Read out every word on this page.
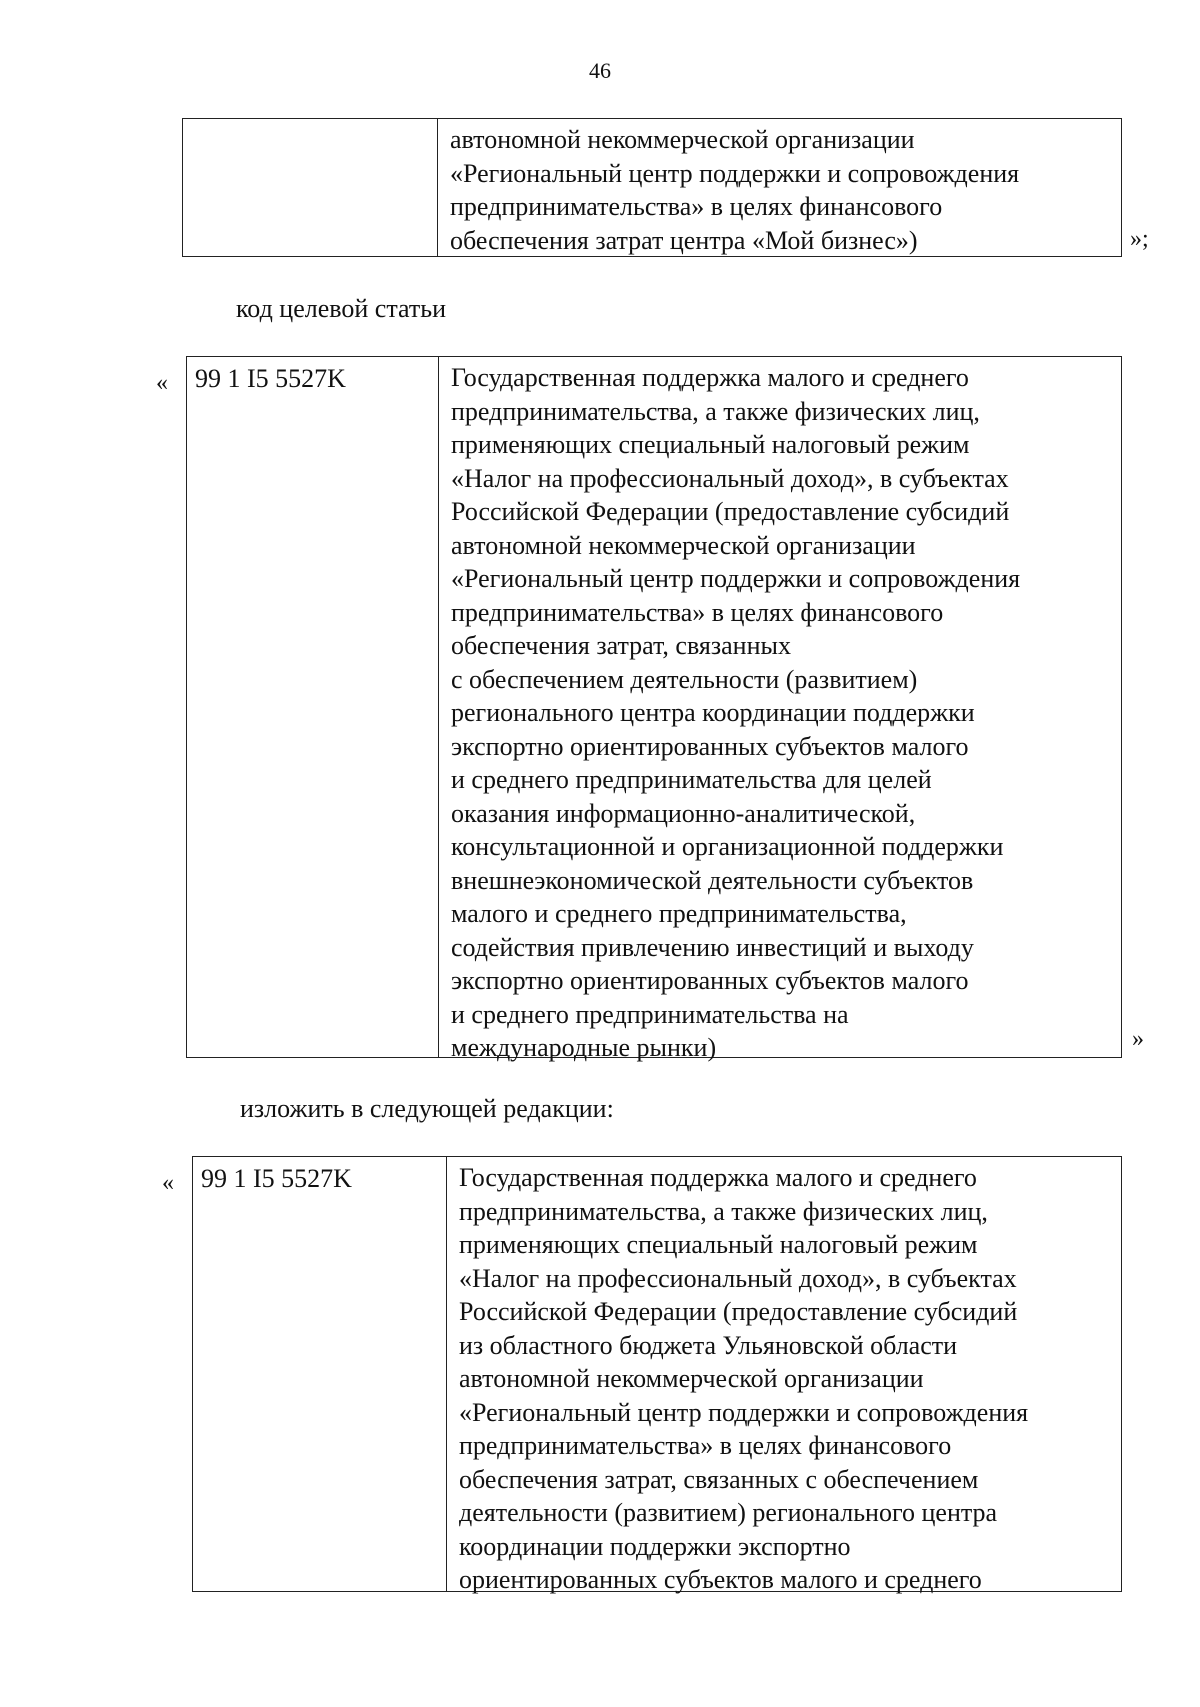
46
автономной некоммерческой организации
«Региональный центр поддержки и сопровождения
предпринимательства» в целях финансового
обеспечения затрат центра «Мой бизнес»)	»;
код целевой статьи
«	99 1 I5 5527K	Государственная поддержка малого и среднего
предпринимательства, а также физических лиц,
применяющих специальный налоговый режим
«Налог на профессиональный доход», в субъектах
Российской Федерации (предоставление субсидий
автономной некоммерческой организации
«Региональный центр поддержки и сопровождения
предпринимательства» в целях финансового
обеспечения затрат, связанных
с обеспечением деятельности (развитием)
регионального центра координации поддержки
экспортно ориентированных субъектов малого
и среднего предпринимательства для целей
оказания информационно-аналитической,
консультационной и организационной поддержки
внешнеэкономической деятельности субъектов
малого и среднего предпринимательства,
содействия привлечению инвестиций и выходу
экспортно ориентированных субъектов малого
и среднего предпринимательства на
международные рынки)	»
изложить в следующей редакции:
«	99 1 I5 5527K	Государственная поддержка малого и среднего
предпринимательства, а также физических лиц,
применяющих специальный налоговый режим
«Налог на профессиональный доход», в субъектах
Российской Федерации (предоставление субсидий
из областного бюджета Ульяновской области
автономной некоммерческой организации
«Региональный центр поддержки и сопровождения
предпринимательства» в целях финансового
обеспечения затрат, связанных с обеспечением
деятельности (развитием) регионального центра
координации поддержки экспортно
ориентированных субъектов малого и среднего
